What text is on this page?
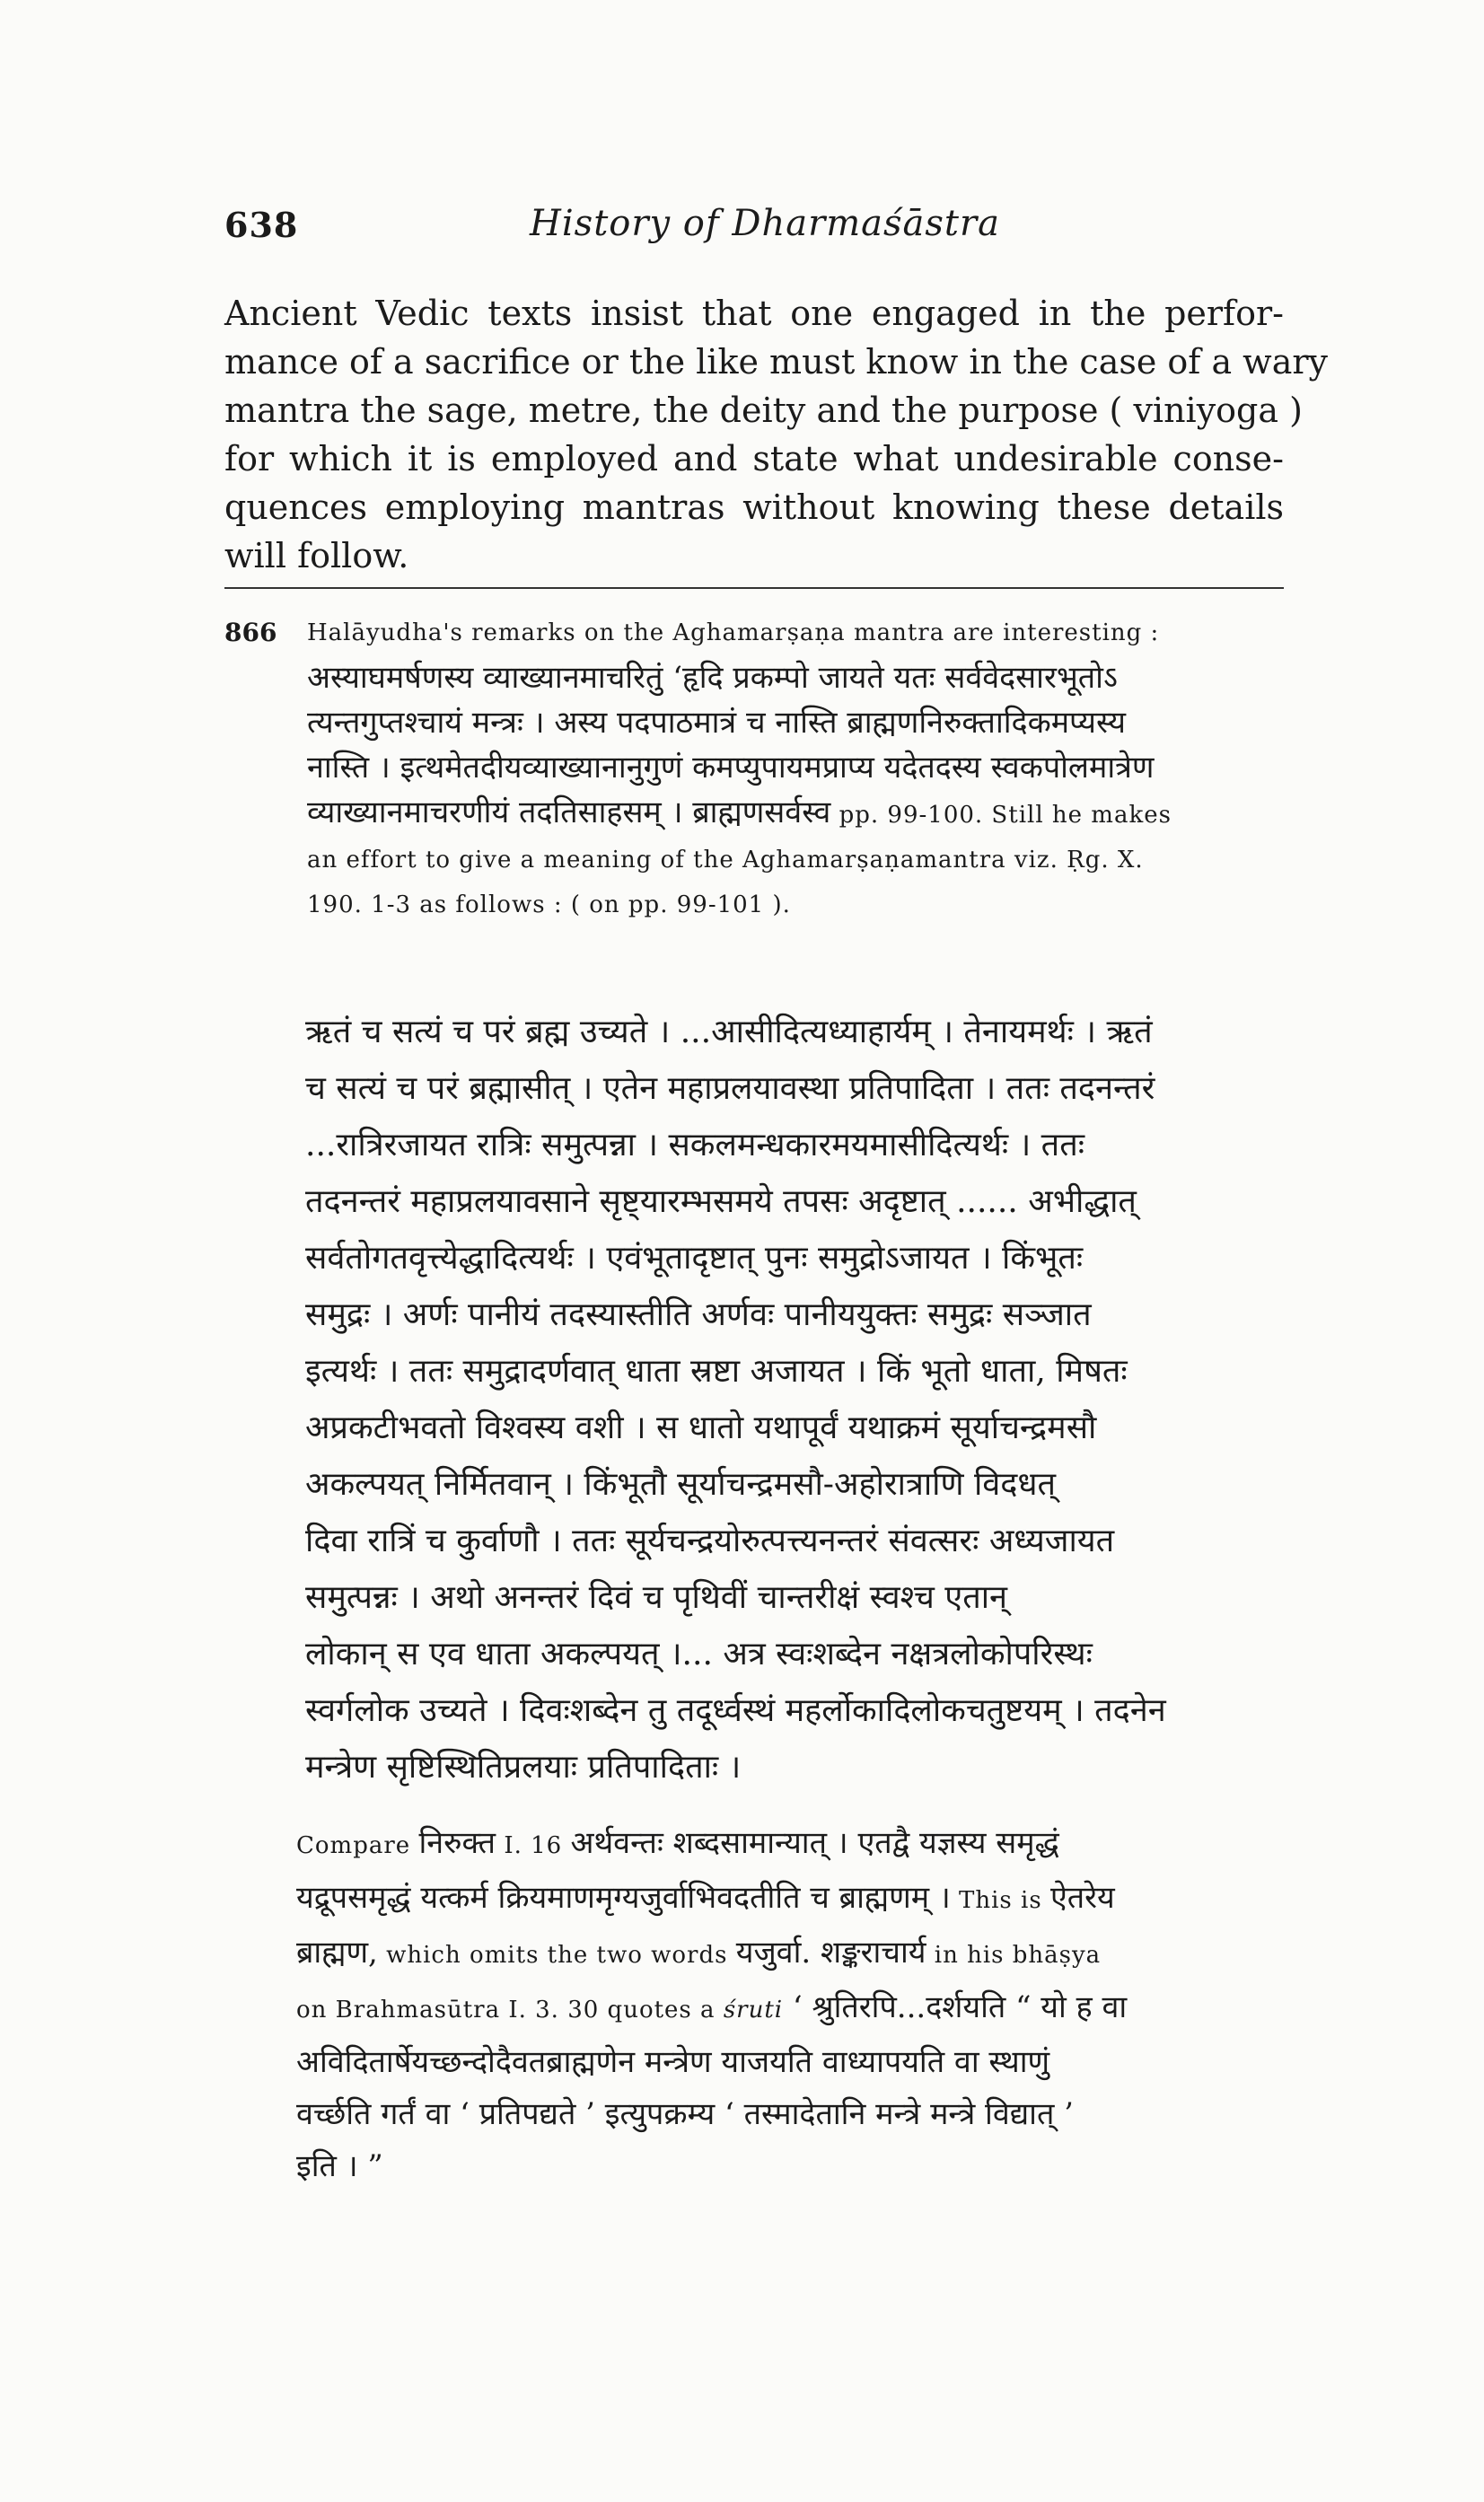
638	History of Dharmaśāstra
Ancient Vedic texts insist that one engaged in the perfor-
mance of a sacrifice or the like must know in the case of a wary
mantra the sage, metre, the deity and the purpose ( viniyoga )
for which it is employed and state what undesirable conse-
quences employing mantras without knowing these details
will follow.
866 Halāyudha's remarks on the Aghamarṣaṇa mantra are interesting :
अस्याघमर्षणस्य व्याख्यानमाचरितुं ‘हृदि प्रकम्पो जायते यतः सर्ववेदसारभूतोऽ
त्यन्तगुप्तश्चायं मन्त्रः । अस्य पदपाठमात्रं च नास्ति ब्राह्मणनिरुक्तादिकमप्यस्य
नास्ति । इत्थमेतदीयव्याख्यानानुगुणं कमप्युपायमप्राप्य यदेतदस्य स्वकपोलमात्रेण
व्याख्यानमाचरणीयं तदतिसाहसम् । ब्राह्मणसर्वस्व pp. 99-100. Still he makes
an effort to give a meaning of the Aghamarṣaṇamantra viz. Ṛg. X.
190. 1-3 as follows : ( on pp. 99-101 ).
ऋतं च सत्यं च परं ब्रह्म उच्यते । ...आसीदित्यध्याहार्यम् । तेनायमर्थः । ऋतं
च सत्यं च परं ब्रह्मासीत् । एतेन महाप्रलयावस्था प्रतिपादिता । ततः तदनन्तरं
...रात्रिरजायत रात्रिः समुत्पन्ना । सकलमन्धकारमयमासीदित्यर्थः । ततः
तदनन्तरं महाप्रलयावसाने सृष्ट्यारम्भसमये तपसः अदृष्टात् ...... अभीद्धात्
सर्वतोगतवृत्त्येद्धादित्यर्थः । एवंभूतादृष्टात् पुनः समुद्रोऽजायत । किंभूतः
समुद्रः । अर्णः पानीयं तदस्यास्तीति अर्णवः पानीययुक्तः समुद्रः सञ्जात
इत्यर्थः । ततः समुद्रादर्णवात् धाता स्रष्टा अजायत । किं भूतो धाता, मिषतः
अप्रकटीभवतो विश्वस्य वशी । स धातो यथापूर्वं यथाक्रमं सूर्याचन्द्रमसौ
अकल्पयत् निर्मितवान् । किंभूतौ सूर्याचन्द्रमसौ-अहोरात्राणि विदधत्
दिवा रात्रिं च कुर्वाणौ । ततः सूर्यचन्द्रयोरुत्पत्त्यनन्तरं संवत्सरः अध्यजायत
समुत्पन्नः । अथो अनन्तरं दिवं च पृथिवीं चान्तरीक्षं स्वश्च एतान्
लोकान् स एव धाता अकल्पयत् ।... अत्र स्वःशब्देन नक्षत्रलोकोपरिस्थः
स्वर्गलोक उच्यते । दिवःशब्देन तु तदूर्ध्वस्थं महर्लोकादिलोकचतुष्टयम् । तदनेन
मन्त्रेण सृष्टिस्थितिप्रलयाः प्रतिपादिताः ।
Compare निरुक्त I. 16 अर्थवन्तः शब्दसामान्यात् । एतद्वै यज्ञस्य समृद्धं
यद्रूपसमृद्धं यत्कर्म क्रियमाणमृग्यजुर्वाभिवदतीति च ब्राह्मणम् । This is ऐतरेय
ब्राह्मण, which omits the two words यजुर्वा. शङ्कराचार्य in his bhāṣya
on Brahmasūtra I. 3. 30 quotes a śruti ‘ श्रुतिरपि...दर्शयति “ यो ह वा
अविदितार्षेयच्छन्दोदैवतब्राह्मणेन मन्त्रेण याजयति वाध्यापयति वा स्थाणुं
वर्च्छति गर्तं वा ‘ प्रतिपद्यते ’ इत्युपक्रम्य ‘ तस्मादेतानि मन्त्रे मन्त्रे विद्यात् ’
इति । ”
